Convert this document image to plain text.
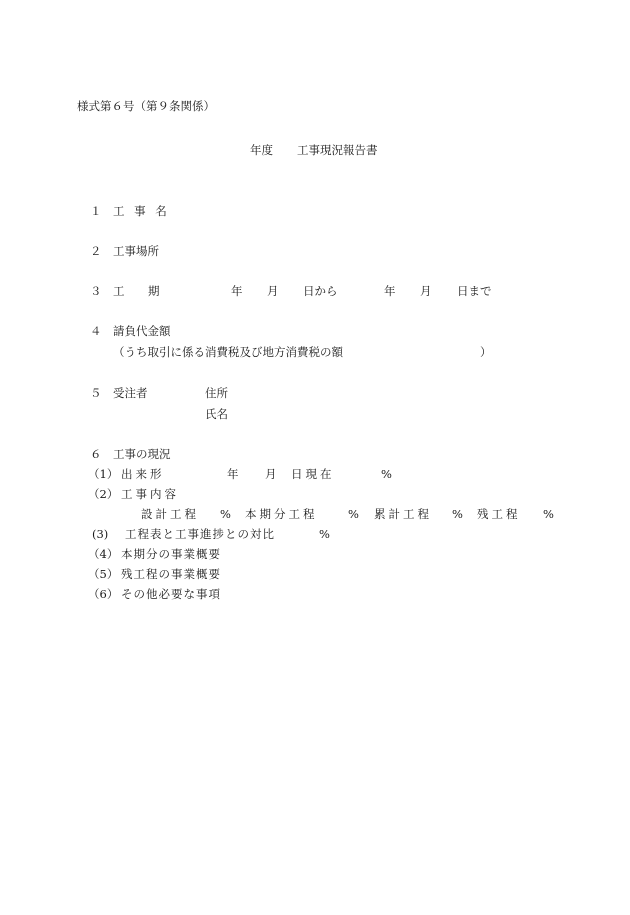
様式第６号（第９条関係）
年度 工事現況報告書
１ 工 事 名
２ 工事場所
３ 工 期	年 月 日から	年 月 日まで
４ 請負代金額
（うち取引に係る消費税及び地方消費税の額	）
５ 受注者	住所
氏名
６ 工事の現況
（1） 出来形	年 月 日現在	%
（2） 工事内容
設計工程 % 本期分工程	% 累計工程 % 残工程 %
(3) 工程表と工事進捗との対比	%
（4） 本期分の事業概要
（5） 残工程の事業概要
（6） その他必要な事項
